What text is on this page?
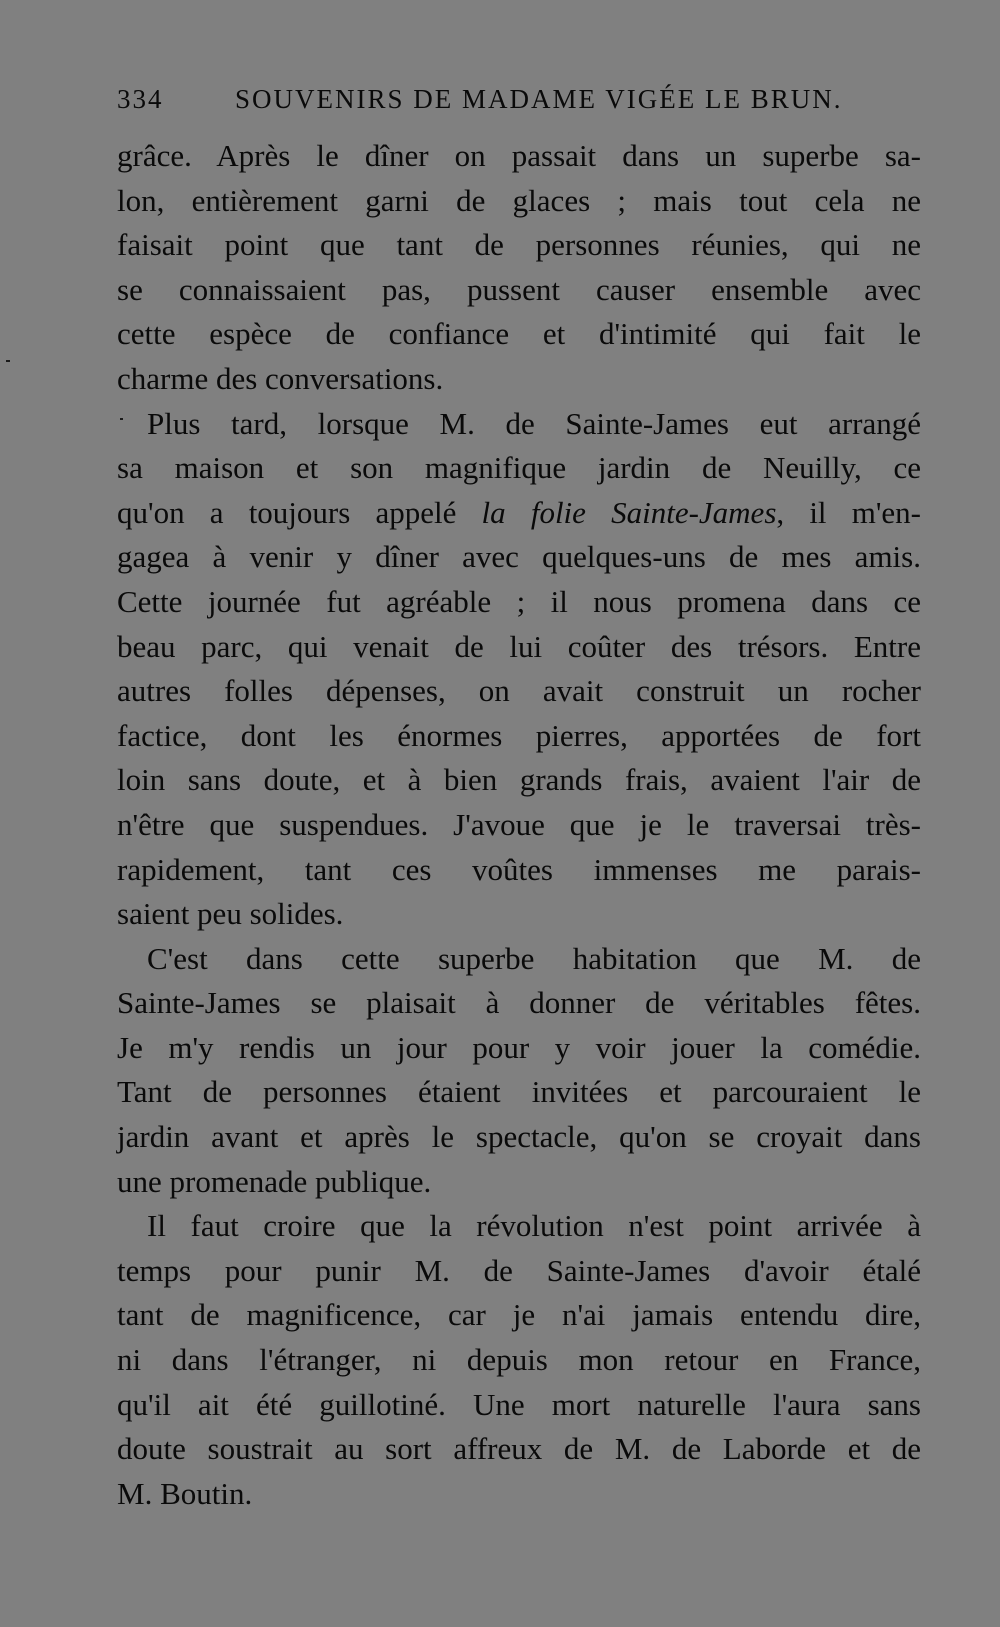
334	SOUVENIRS DE MADAME VIGÉE LE BRUN.
grâce. Après le dîner on passait dans un superbe sa-
lon, entièrement garni de glaces ; mais tout cela ne
faisait point que tant de personnes réunies, qui ne
se connaissaient pas, pussent causer ensemble avec
cette espèce de confiance et d'intimité qui fait le
charme des conversations.
Plus tard, lorsque M. de Sainte-James eut arrangé
sa maison et son magnifique jardin de Neuilly, ce
qu'on a toujours appelé la folie Sainte-James, il m'en-
gagea à venir y dîner avec quelques-uns de mes amis.
Cette journée fut agréable ; il nous promena dans ce
beau parc, qui venait de lui coûter des trésors. Entre
autres folles dépenses, on avait construit un rocher
factice, dont les énormes pierres, apportées de fort
loin sans doute, et à bien grands frais, avaient l'air de
n'être que suspendues. J'avoue que je le traversai très-
rapidement, tant ces voûtes immenses me parais-
saient peu solides.
C'est dans cette superbe habitation que M. de
Sainte-James se plaisait à donner de véritables fêtes.
Je m'y rendis un jour pour y voir jouer la comédie.
Tant de personnes étaient invitées et parcouraient le
jardin avant et après le spectacle, qu'on se croyait dans
une promenade publique.
Il faut croire que la révolution n'est point arrivée à
temps pour punir M. de Sainte-James d'avoir étalé
tant de magnificence, car je n'ai jamais entendu dire,
ni dans l'étranger, ni depuis mon retour en France,
qu'il ait été guillotiné. Une mort naturelle l'aura sans
doute soustrait au sort affreux de M. de Laborde et de
M. Boutin.
